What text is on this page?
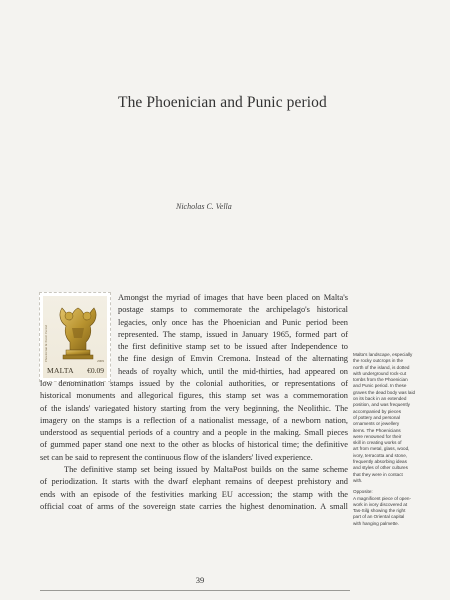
The Phoenician and Punic period
Nicholas C. Vella
Phoenician & Punic Period	2009
MALTA €0.09
Amongst the myriad of images that have been placed on Malta's
postage stamps to commemorate the archipelago's historical
legacies, only once has the Phoenician and Punic period been
represented. The stamp, issued in January 1965, formed part of
the first definitive stamp set to be issued after Independence to
the fine design of Emvin Cremona. Instead of the alternating
heads of royalty which, until the mid-thirties, had appeared on
low denomination stamps issued by the colonial authorities, or representations of
historical monuments and allegorical figures, this stamp set was a commemoration
of the islands' variegated history starting from the very beginning, the Neolithic. The
imagery on the stamps is a reflection of a nationalist message, of a newborn nation,
understood as sequential periods of a country and a people in the making. Small pieces
of gummed paper stand one next to the other as blocks of historical time; the definitive
set can be said to represent the continuous flow of the islanders' lived experience.
The definitive stamp set being issued by MaltaPost builds on the same scheme
of periodization. It starts with the dwarf elephant remains of deepest prehistory and
ends with an episode of the festivities marking EU accession; the stamp with the
official coat of arms of the sovereign state carries the highest denomination. A small
Malta's landscape, especially
the rocky outcrops in the
north of the island, is dotted
with underground rock-cut
tombs from the Phoenician
and Punic period. In these
graves the dead body was laid
on its back in an extended
position, and was frequently
accompanied by pieces
of pottery and personal
ornaments or jewellery
items. The Phoenicians
were renowned for their
skill in creating works of
art from metal, glass, wood,
ivory, terracotta and stone,
frequently absorbing ideas
and styles of other cultures
that they were in contact
with.
Opposite:
A magnificent piece of open-
work in ivory discovered at
Tas-Silġ showing the right
part of an Oriental capital
with hanging palmette.
39
